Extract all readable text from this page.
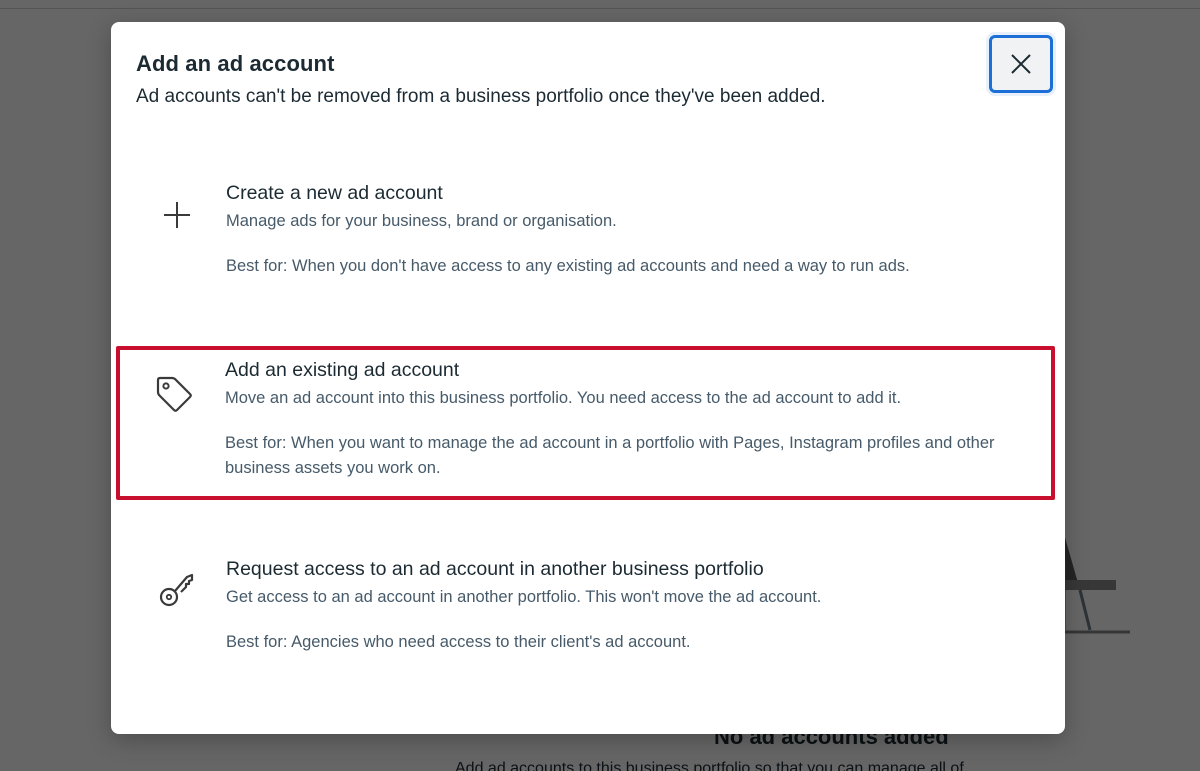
Add an ad account
Ad accounts can't be removed from a business portfolio once they've been added.
Create a new ad account
Manage ads for your business, brand or organisation.
Best for: When you don't have access to any existing ad accounts and need a way to run ads.
Add an existing ad account
Move an ad account into this business portfolio. You need access to the ad account to add it.
Best for: When you want to manage the ad account in a portfolio with Pages, Instagram profiles and other business assets you work on.
Request access to an ad account in another business portfolio
Get access to an ad account in another portfolio. This won't move the ad account.
Best for: Agencies who need access to their client's ad account.
